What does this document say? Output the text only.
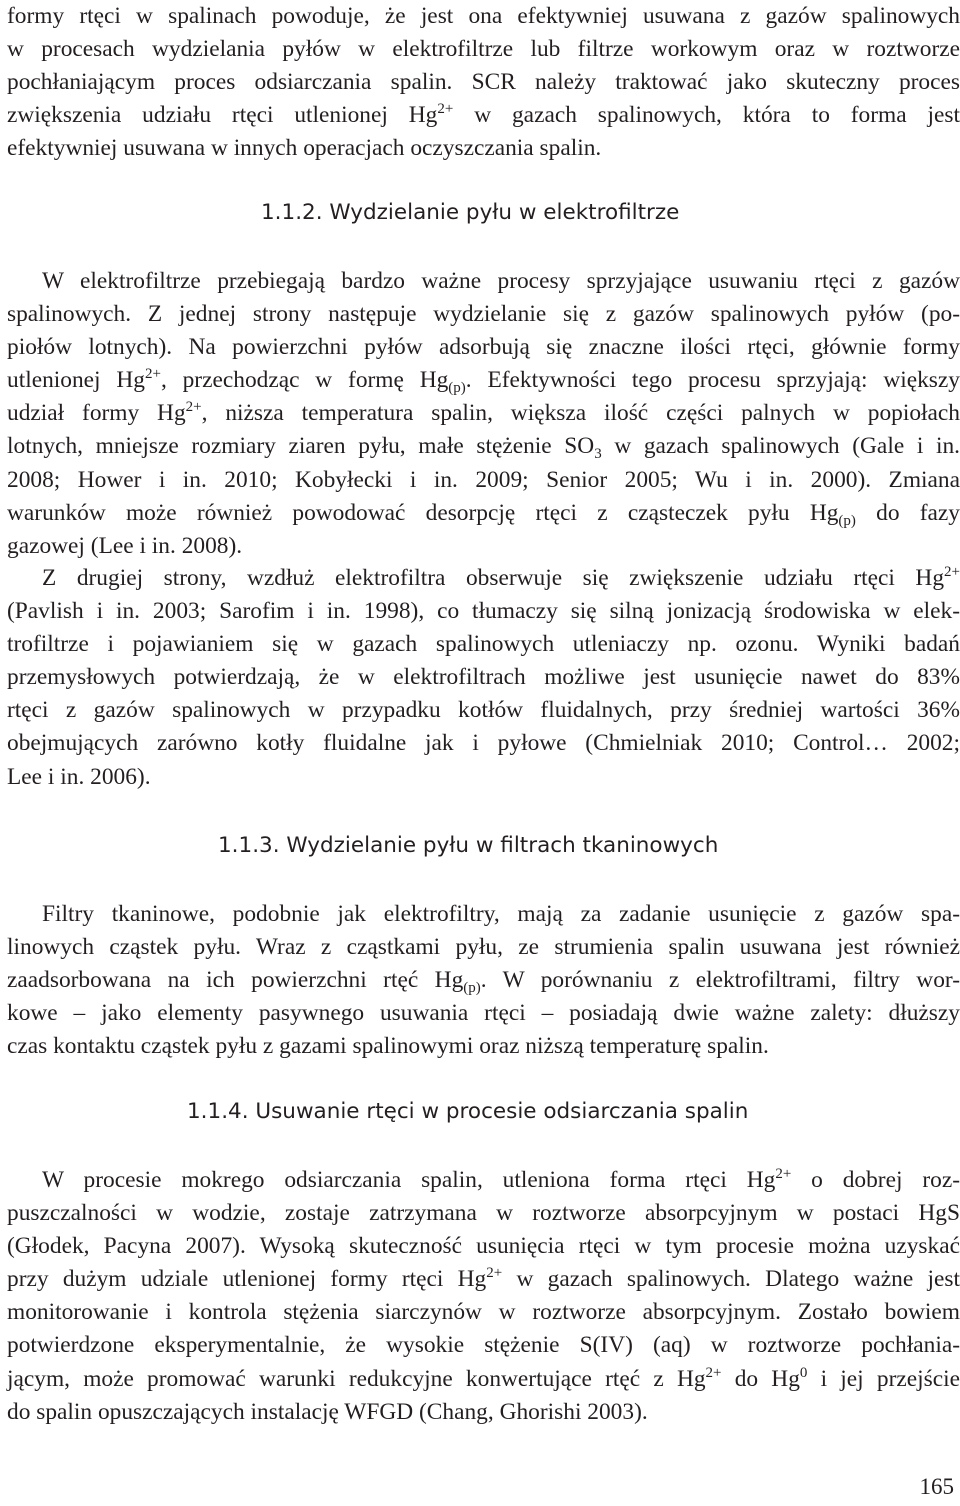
formy rtęci w spalinach powoduje, że jest ona efektywniej usuwana z gazów spalinowych
w procesach wydzielania pyłów w elektrofiltrze lub filtrze workowym oraz w roztworze
pochłaniającym proces odsiarczania spalin. SCR należy traktować jako skuteczny proces
zwiększenia udziału rtęci utlenionej $Hg^{2+}$ w gazach spalinowych, która to forma jest
efektywniej usuwana w innych operacjach oczyszczania spalin.
1.1.2. Wydzielanie pyłu w elektrofiltrze
W elektrofiltrze przebiegają bardzo ważne procesy sprzyjające usuwaniu rtęci z gazów
spalinowych. Z jednej strony następuje wydzielanie się z gazów spalinowych pyłów (po-
piołów lotnych). Na powierzchni pyłów adsorbują się znaczne ilości rtęci, głównie formy
utlenionej $Hg^{2+}$, przechodząc w formę $Hg_{(p)}$. Efektywności tego procesu sprzyjają: większy
udział formy $Hg^{2+}$, niższa temperatura spalin, większa ilość części palnych w popiołach
lotnych, mniejsze rozmiary ziaren pyłu, małe stężenie $SO_3$ w gazach spalinowych (Gale i in.
2008; Hower i in. 2010; Kobyłecki i in. 2009; Senior 2005; Wu i in. 2000). Zmiana
warunków może również powodować desorpcję rtęci z cząsteczek pyłu $Hg_{(p)}$ do fazy
gazowej (Lee i in. 2008).
Z drugiej strony, wzdłuż elektrofiltra obserwuje się zwiększenie udziału rtęci $Hg^{2+}$
(Pavlish i in. 2003; Sarofim i in. 1998), co tłumaczy się silną jonizacją środowiska w elek-
trofiltrze i pojawianiem się w gazach spalinowych utleniaczy np. ozonu. Wyniki badań
przemysłowych potwierdzają, że w elektrofiltrach możliwe jest usunięcie nawet do 83%
rtęci z gazów spalinowych w przypadku kotłów fluidalnych, przy średniej wartości 36%
obejmujących zarówno kotły fluidalne jak i pyłowe (Chmielniak 2010; Control… 2002;
Lee i in. 2006).
1.1.3. Wydzielanie pyłu w filtrach tkaninowych
Filtry tkaninowe, podobnie jak elektrofiltry, mają za zadanie usunięcie z gazów spa-
linowych cząstek pyłu. Wraz z cząstkami pyłu, ze strumienia spalin usuwana jest również
zaadsorbowana na ich powierzchni rtęć $Hg_{(p)}$. W porównaniu z elektrofiltrami, filtry wor-
kowe – jako elementy pasywnego usuwania rtęci – posiadają dwie ważne zalety: dłuższy
czas kontaktu cząstek pyłu z gazami spalinowymi oraz niższą temperaturę spalin.
1.1.4. Usuwanie rtęci w procesie odsiarczania spalin
W procesie mokrego odsiarczania spalin, utleniona forma rtęci $Hg^{2+}$ o dobrej roz-
puszczalności w wodzie, zostaje zatrzymana w roztworze absorpcyjnym w postaci HgS
(Głodek, Pacyna 2007). Wysoką skuteczność usunięcia rtęci w tym procesie można uzyskać
przy dużym udziale utlenionej formy rtęci $Hg^{2+}$ w gazach spalinowych. Dlatego ważne jest
monitorowanie i kontrola stężenia siarczynów w roztworze absorpcyjnym. Zostało bowiem
potwierdzone eksperymentalnie, że wysokie stężenie S(IV) (aq) w roztworze pochłania-
jącym, może promować warunki redukcyjne konwertujące rtęć z $Hg^{2+}$ do Hg$^0$ i jej przejście
do spalin opuszczających instalację WFGD (Chang, Ghorishi 2003).
165
